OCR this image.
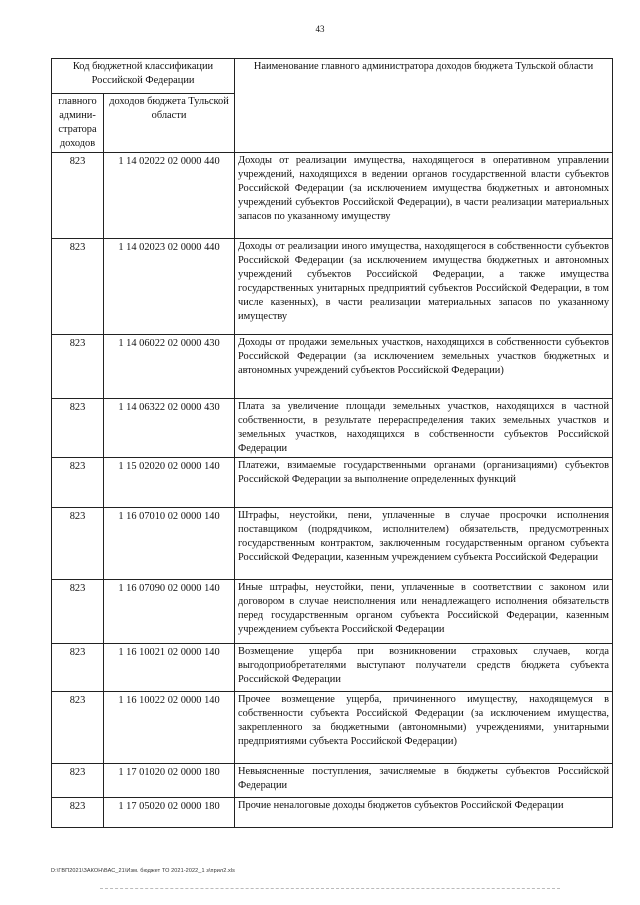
43
Код бюджетной классификации Российской Федерации		Наименование главного администратора доходов бюджета Тульской области
главного админи-стратора доходов	доходов бюджета Тульской области	
823	1 14 02022 02 0000 440	Доходы от реализации имущества, находящегося в оперативном управлении учреждений, находящихся в ведении органов государственной власти субъектов Российской Федерации (за исключением имущества бюджетных и автономных учреждений субъектов Российской Федерации), в части реализации материальных запасов по указанному имуществу
823	1 14 02023 02 0000 440	Доходы от реализации иного имущества, находящегося в собственности субъектов Российской Федерации (за исключением имущества бюджетных и автономных учреждений субъектов Российской Федерации, а также имущества государственных унитарных предприятий субъектов Российской Федерации, в том числе казенных), в части реализации материальных запасов по указанному имуществу
823	1 14 06022 02 0000 430	Доходы от продажи земельных участков, находящихся в собственности субъектов Российской Федерации (за исключением земельных участков бюджетных и автономных учреждений субъектов Российской Федерации)
823	1 14 06322 02 0000 430	Плата за увеличение площади земельных участков, находящихся в частной собственности, в результате перераспределения таких земельных участков и земельных участков, находящихся в собственности субъектов Российской Федерации
823	1 15 02020 02 0000 140	Платежи, взимаемые государственными органами (организациями) субъектов Российской Федерации за выполнение определенных функций
823	1 16 07010 02 0000 140	Штрафы, неустойки, пени, уплаченные в случае просрочки исполнения поставщиком (подрядчиком, исполнителем) обязательств, предусмотренных государственным контрактом, заключенным государственным органом субъекта Российской Федерации, казенным учреждением субъекта Российской Федерации
823	1 16 07090 02 0000 140	Иные штрафы, неустойки, пени, уплаченные в соответствии с законом или договором в случае неисполнения или ненадлежащего исполнения обязательств перед государственным органом субъекта Российской Федерации, казенным учреждением субъекта Российской Федерации
823	1 16 10021 02 0000 140	Возмещение ущерба при возникновении страховых случаев, когда выгодоприобретателями выступают получатели средств бюджета субъекта Российской Федерации
823	1 16 10022 02 0000 140	Прочее возмещение ущерба, причиненного имуществу, находящемуся в собственности субъекта Российской Федерации (за исключением имущества, закрепленного за бюджетными (автономными) учреждениями, унитарными предприятиями субъекта Российской Федерации)
823	1 17 01020 02 0000 180	Невыясненные поступления, зачисляемые в бюджеты субъектов Российской Федерации
823	1 17 05020 02 0000 180	Прочие неналоговые доходы бюджетов субъектов Российской Федерации
D:\ГВП2021\ЗАКОН\ВАС_21\Изм. бюджет ТО 2021-2022_1 з\прил2.xls
